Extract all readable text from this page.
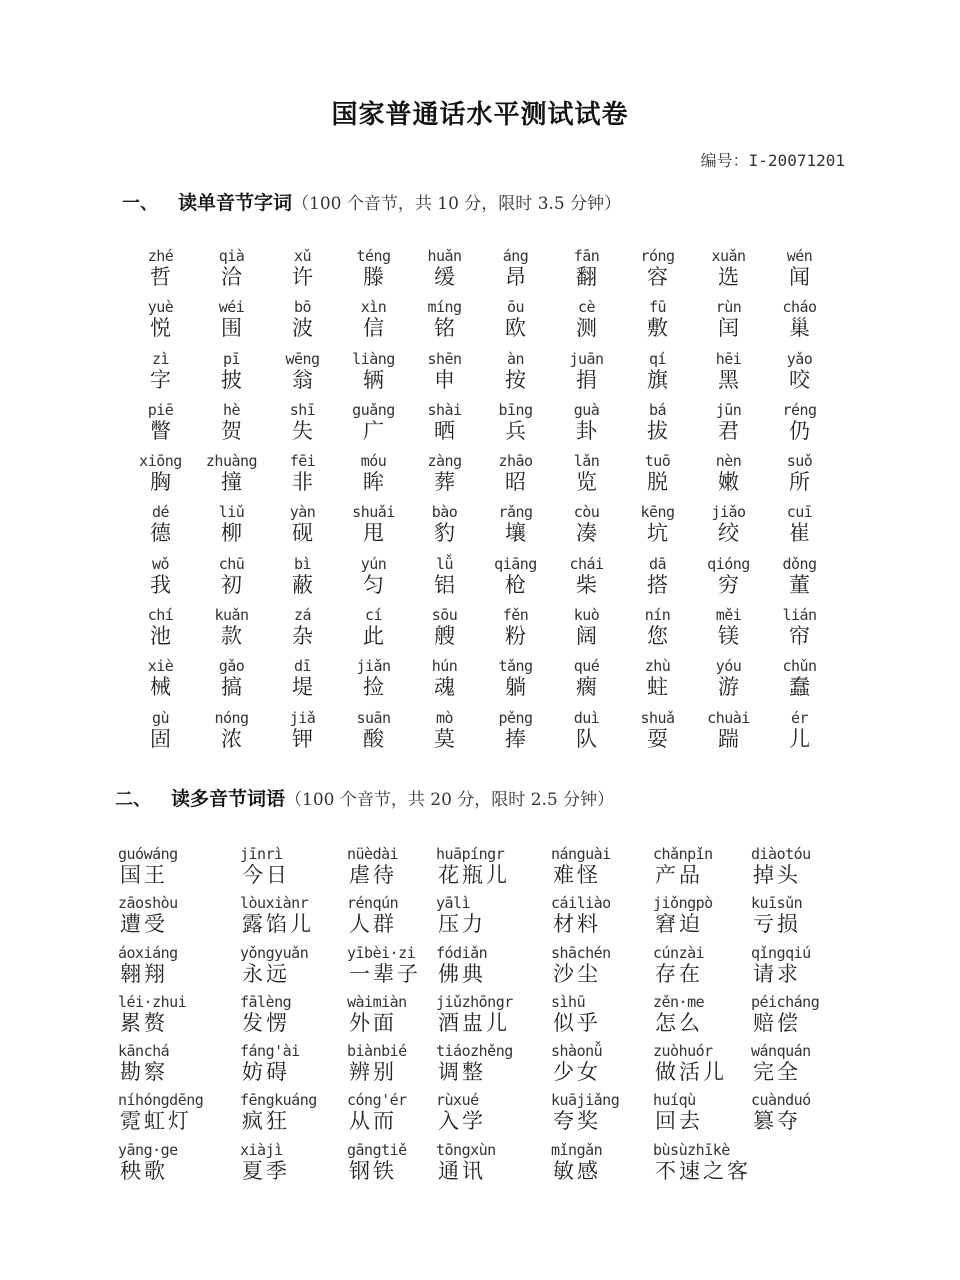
国家普通话水平测试试卷
编号：I-20071201
一、 读单音节字词（100 个音节，共 10 分，限时 3.5 分钟）
zhé
哲
qià
洽
xǔ
许
téng
滕
huǎn
缓
áng
昂
fān
翻
róng
容
xuǎn
选
wén
闻
yuè
悦
wéi
围
bō
波
xìn
信
míng
铭
ōu
欧
cè
测
fū
敷
rùn
闰
cháo
巢
zì
字
pī
披
wēng
翁
liàng
辆
shēn
申
àn
按
juān
捐
qí
旗
hēi
黑
yǎo
咬
piē
瞥
hè
贺
shī
失
guǎng
广
shài
晒
bīng
兵
guà
卦
bá
拔
jūn
君
réng
仍
xiōng
胸
zhuàng
撞
fēi
非
móu
眸
zàng
葬
zhāo
昭
lǎn
览
tuō
脱
nèn
嫩
suǒ
所
dé
德
liǔ
柳
yàn
砚
shuǎi
甩
bào
豹
rǎng
壤
còu
凑
kēng
坑
jiǎo
绞
cuī
崔
wǒ
我
chū
初
bì
蔽
yún
匀
lǚ
铝
qiāng
枪
chái
柴
dā
搭
qióng
穷
dǒng
董
chí
池
kuǎn
款
zá
杂
cí
此
sōu
艘
fěn
粉
kuò
阔
nín
您
měi
镁
lián
帘
xiè
械
gǎo
搞
dī
堤
jiǎn
捡
hún
魂
tǎng
躺
qué
瘸
zhù
蛀
yóu
游
chǔn
蠢
gù
固
nóng
浓
jiǎ
钾
suān
酸
mò
莫
pěng
捧
duì
队
shuǎ
耍
chuài
踹
ér
儿
二、 读多音节词语（100 个音节，共 20 分，限时 2.5 分钟）
guówáng
国王
jīnrì
今日
nüèdài
虐待
huāpíngr
花瓶儿
nánguài
难怪
chǎnpǐn
产品
diàotóu
掉头
zāoshòu
遭受
lòuxiànr
露馅儿
rénqún
人群
yālì
压力
cáiliào
材料
jiǒngpò
窘迫
kuīsǔn
亏损
áoxiáng
翱翔
yǒngyuǎn
永远
yībèi·zi
一辈子
fódiǎn
佛典
shāchén
沙尘
cúnzài
存在
qǐngqiú
请求
léi·zhui
累赘
fālèng
发愣
wàimiàn
外面
jiǔzhōngr
酒盅儿
sìhū
似乎
zěn·me
怎么
péicháng
赔偿
kānchá
勘察
fáng'ài
妨碍
biànbié
辨别
tiáozhěng
调整
shàonǚ
少女
zuòhuór
做活儿
wánquán
完全
níhóngdēng
霓虹灯
fēngkuáng
疯狂
cóng'ér
从而
rùxué
入学
kuājiǎng
夸奖
huíqù
回去
cuànduó
篡夺
yāng·ge
秧歌
xiàjì
夏季
gāngtiě
钢铁
tōngxùn
通讯
mǐngǎn
敏感
bùsùzhīkè
不速之客
